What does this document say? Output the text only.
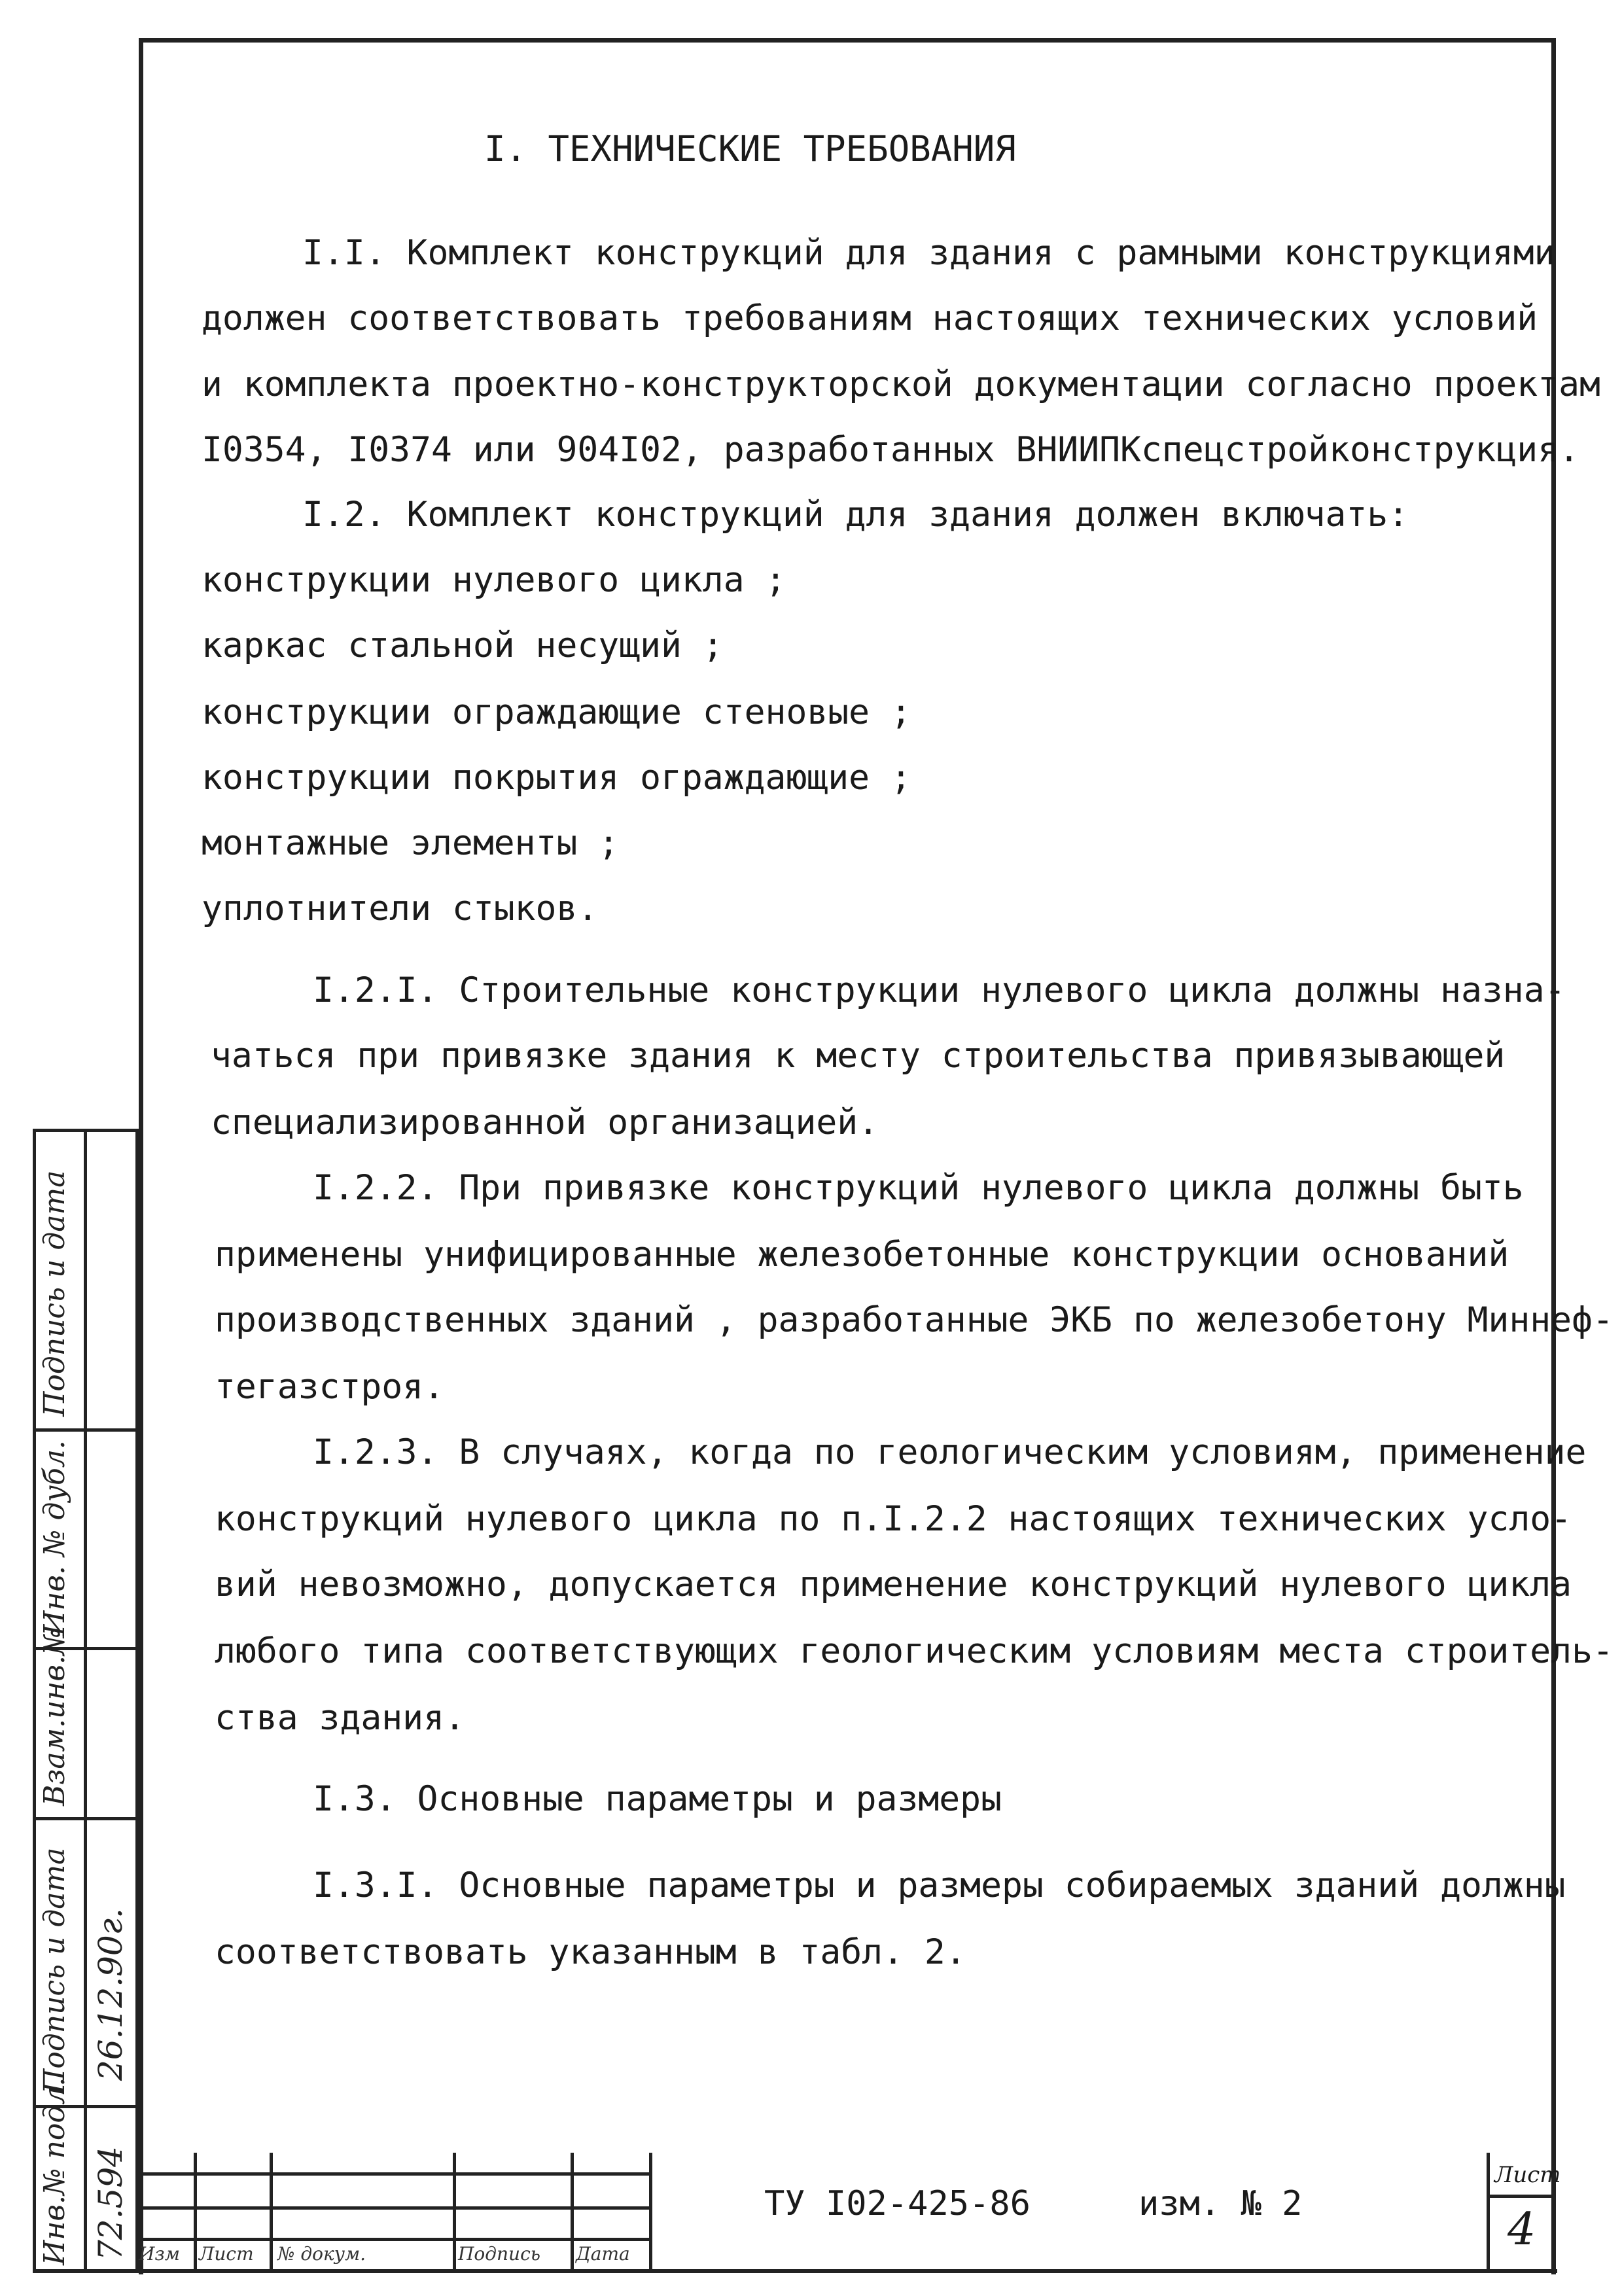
I. ТЕХНИЧЕСКИЕ ТРЕБОВАНИЯ
I.I. Комплект конструкций для здания с рамными конструкциями
должен соответствовать требованиям настоящих технических условий
и комплекта проектно-конструкторской документации согласно проектам
I0354, I0374 или 904I02, разработанных ВНИИПКспецстройконструкция.
I.2. Комплект конструкций для здания должен включать:
конструкции нулевого цикла ;
каркас стальной несущий ;
конструкции ограждающие стеновые ;
конструкции покрытия ограждающие ;
монтажные элементы ;
уплотнители стыков.
I.2.I. Строительные конструкции нулевого цикла должны назна-
чаться при привязке здания к месту строительства привязывающей
специализированной организацией.
I.2.2. При привязке конструкций нулевого цикла должны быть
применены унифицированные железобетонные конструкции оснований
производственных зданий , разработанные ЭКБ по железобетону Миннеф-
тегазстроя.
I.2.3. В случаях, когда по геологическим условиям, применение
конструкций нулевого цикла по п.I.2.2 настоящих технических усло-
вий невозможно, допускается применение конструкций нулевого цикла
любого типа соответствующих геологическим условиям места строитель-
ства здания.
I.3. Основные параметры и размеры
I.3.I. Основные параметры и размеры собираемых зданий должны
соответствовать указанным в табл. 2.
Подпись и дата
Инв. № дубл.
Взам.инв.№
Подпись и дата
Инв.№ подл.
26.12.90г.
72.594 Изм Лист № докум.	Подпись Дата
ТУ I02-425-86	изм. № 2
Лист
4
